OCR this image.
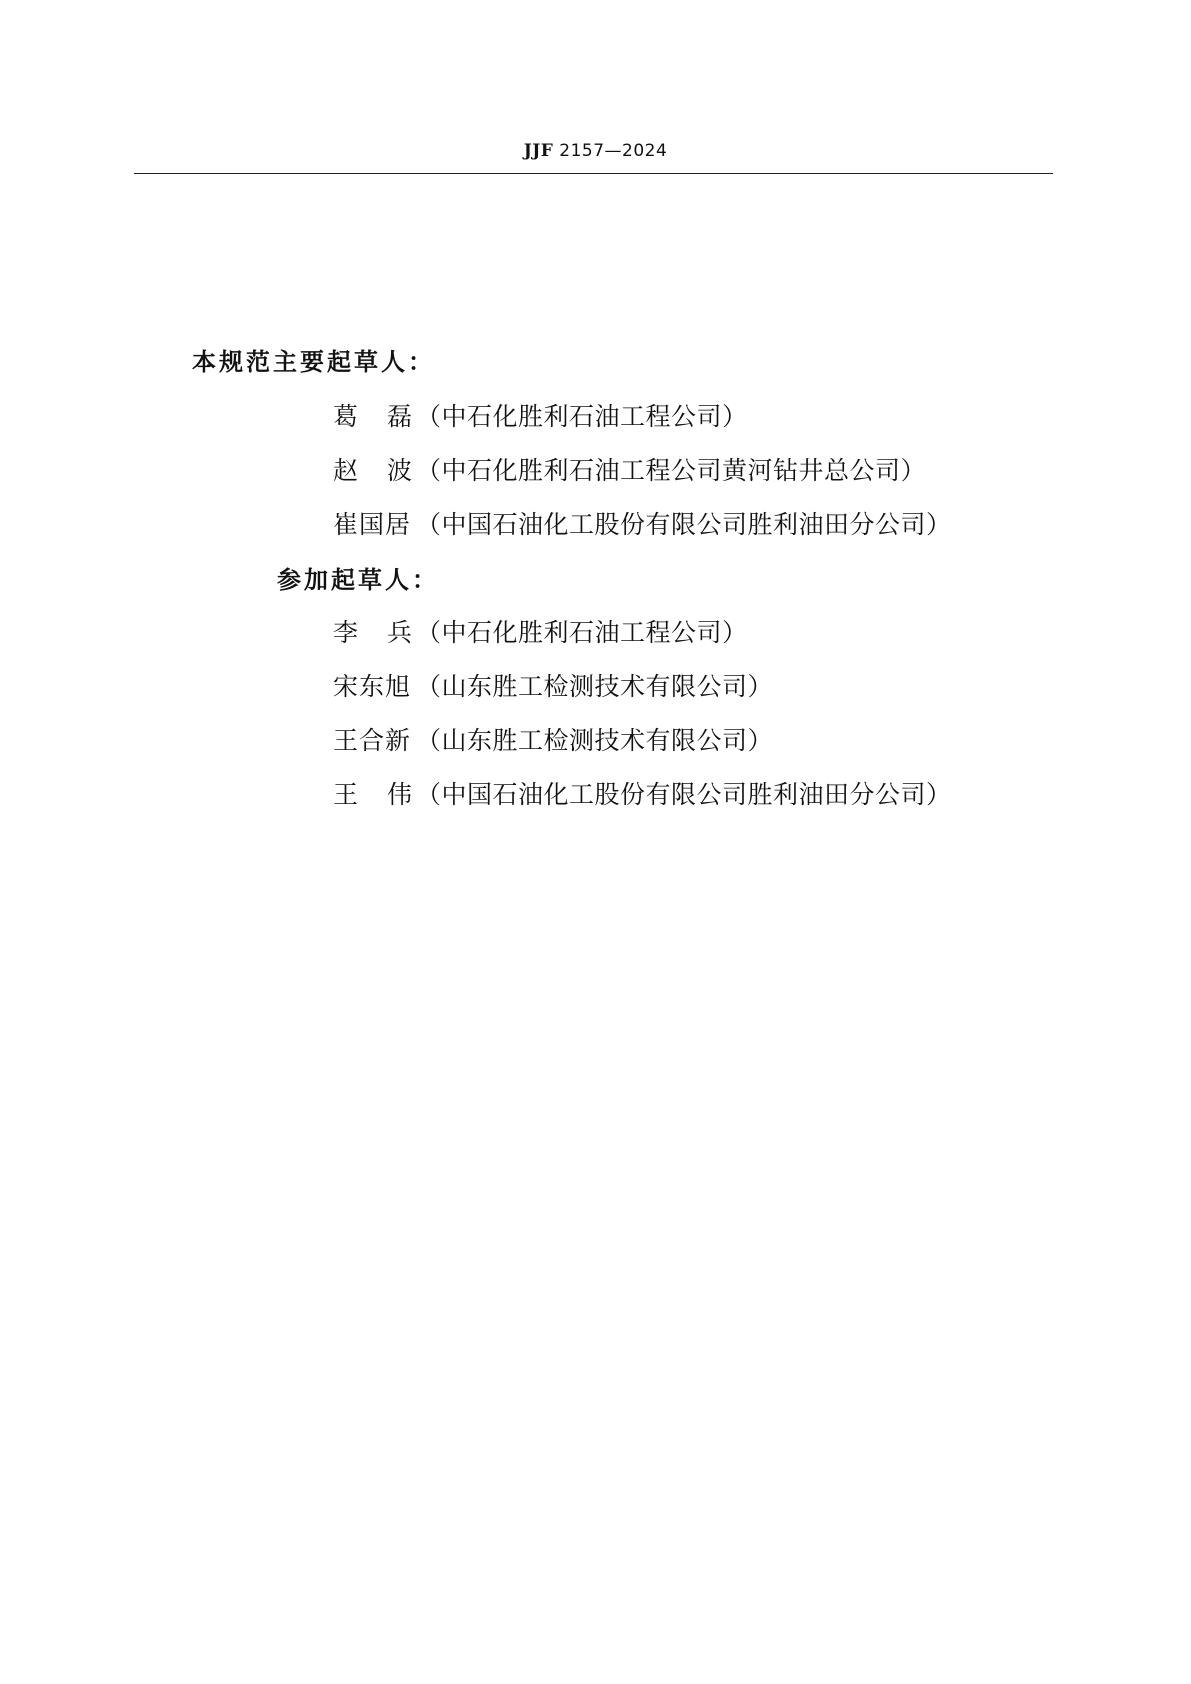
JJF 2157—2024
本规范主要起草人：
葛 磊 （中石化胜利石油工程公司）
赵 波 （中石化胜利石油工程公司黄河钻井总公司）
崔国居 （中国石油化工股份有限公司胜利油田分公司）
参加起草人：
李 兵 （中石化胜利石油工程公司）
宋东旭 （山东胜工检测技术有限公司）
王合新 （山东胜工检测技术有限公司）
王 伟 （中国石油化工股份有限公司胜利油田分公司）
